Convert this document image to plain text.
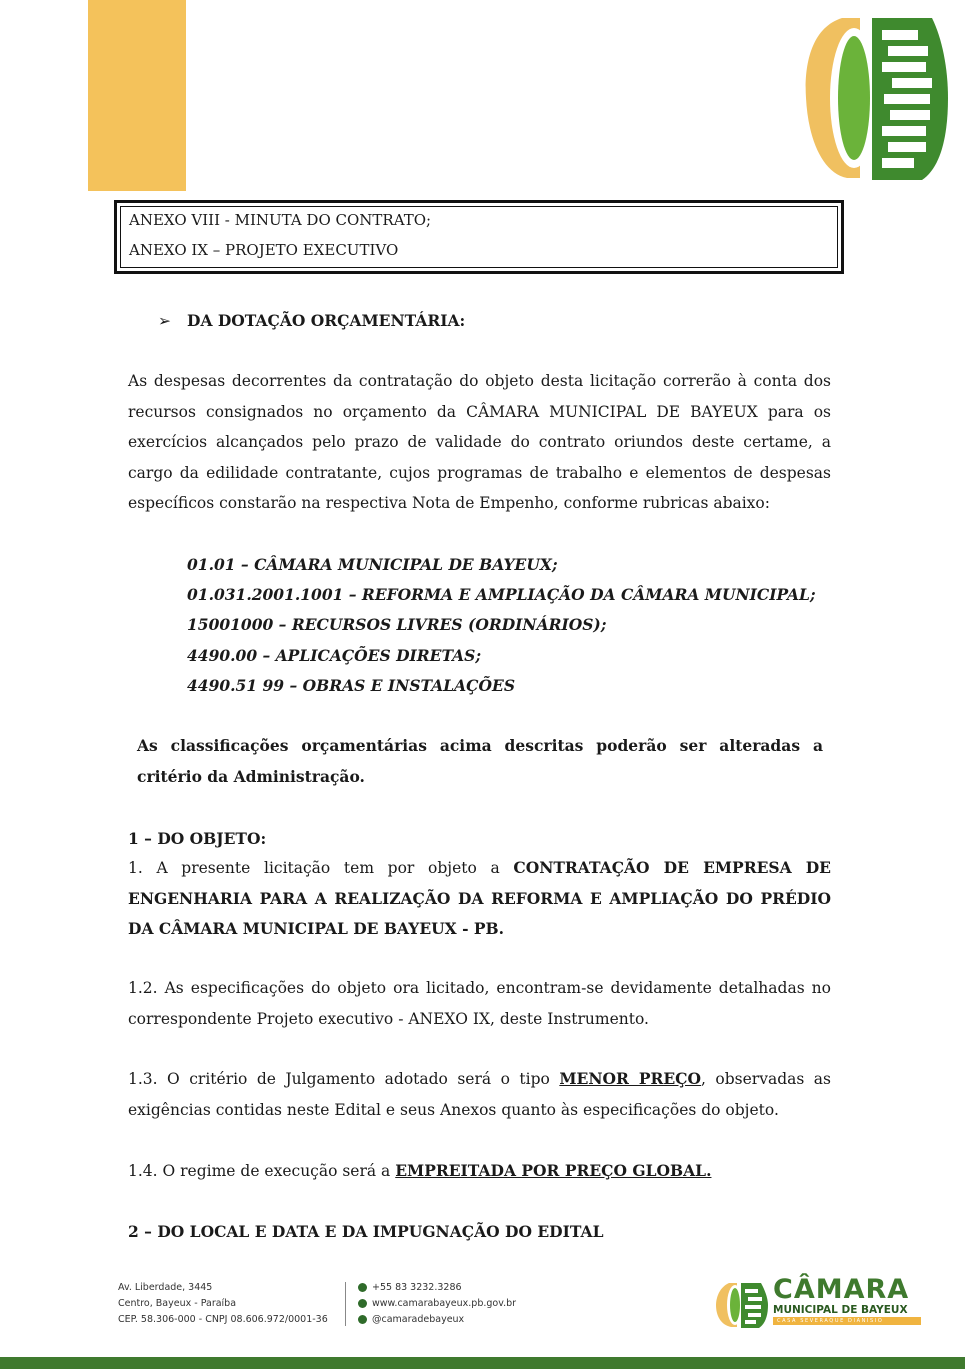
ANEXO VIII - MINUTA DO CONTRATO;
ANEXO IX – PROJETO EXECUTIVO
➢ DA DOTAÇÃO ORÇAMENTÁRIA:
As despesas decorrentes da contratação do objeto desta licitação correrão à conta dos recursos consignados no orçamento da CÂMARA MUNICIPAL DE BAYEUX para os exercícios alcançados pelo prazo de validade do contrato oriundos deste certame, a cargo da edilidade contratante, cujos programas de trabalho e elementos de despesas específicos constarão na respectiva Nota de Empenho, conforme rubricas abaixo:
01.01 – CÂMARA MUNICIPAL DE BAYEUX;
01.031.2001.1001 – REFORMA E AMPLIAÇÃO DA CÂMARA MUNICIPAL;
15001000 – RECURSOS LIVRES (ORDINÁRIOS);
4490.00 – APLICAÇÕES DIRETAS;
4490.51 99 – OBRAS E INSTALAÇÕES
As classificações orçamentárias acima descritas poderão ser alteradas a critério da Administração.
1 – DO OBJETO:
1. A presente licitação tem por objeto a CONTRATAÇÃO DE EMPRESA DE ENGENHARIA PARA A REALIZAÇÃO DA REFORMA E AMPLIAÇÃO DO PRÉDIO DA CÂMARA MUNICIPAL DE BAYEUX - PB.
1.2. As especificações do objeto ora licitado, encontram-se devidamente detalhadas no correspondente Projeto executivo - ANEXO IX, deste Instrumento.
1.3. O critério de Julgamento adotado será o tipo MENOR PREÇO, observadas as exigências contidas neste Edital e seus Anexos quanto às especificações do objeto.
1.4. O regime de execução será a EMPREITADA POR PREÇO GLOBAL.
2 – DO LOCAL E DATA E DA IMPUGNAÇÃO DO EDITAL
Av. Liberdade, 3445
Centro, Bayeux - Paraíba
CEP. 58.306-000 - CNPJ 08.606.972/0001-36
+55 83 3232.3286
www.camarabayeux.pb.gov.br
@camaradebayeux
CÂMARA
MUNICIPAL DE BAYEUX
CASA SEVERAQUE DIANISIO
